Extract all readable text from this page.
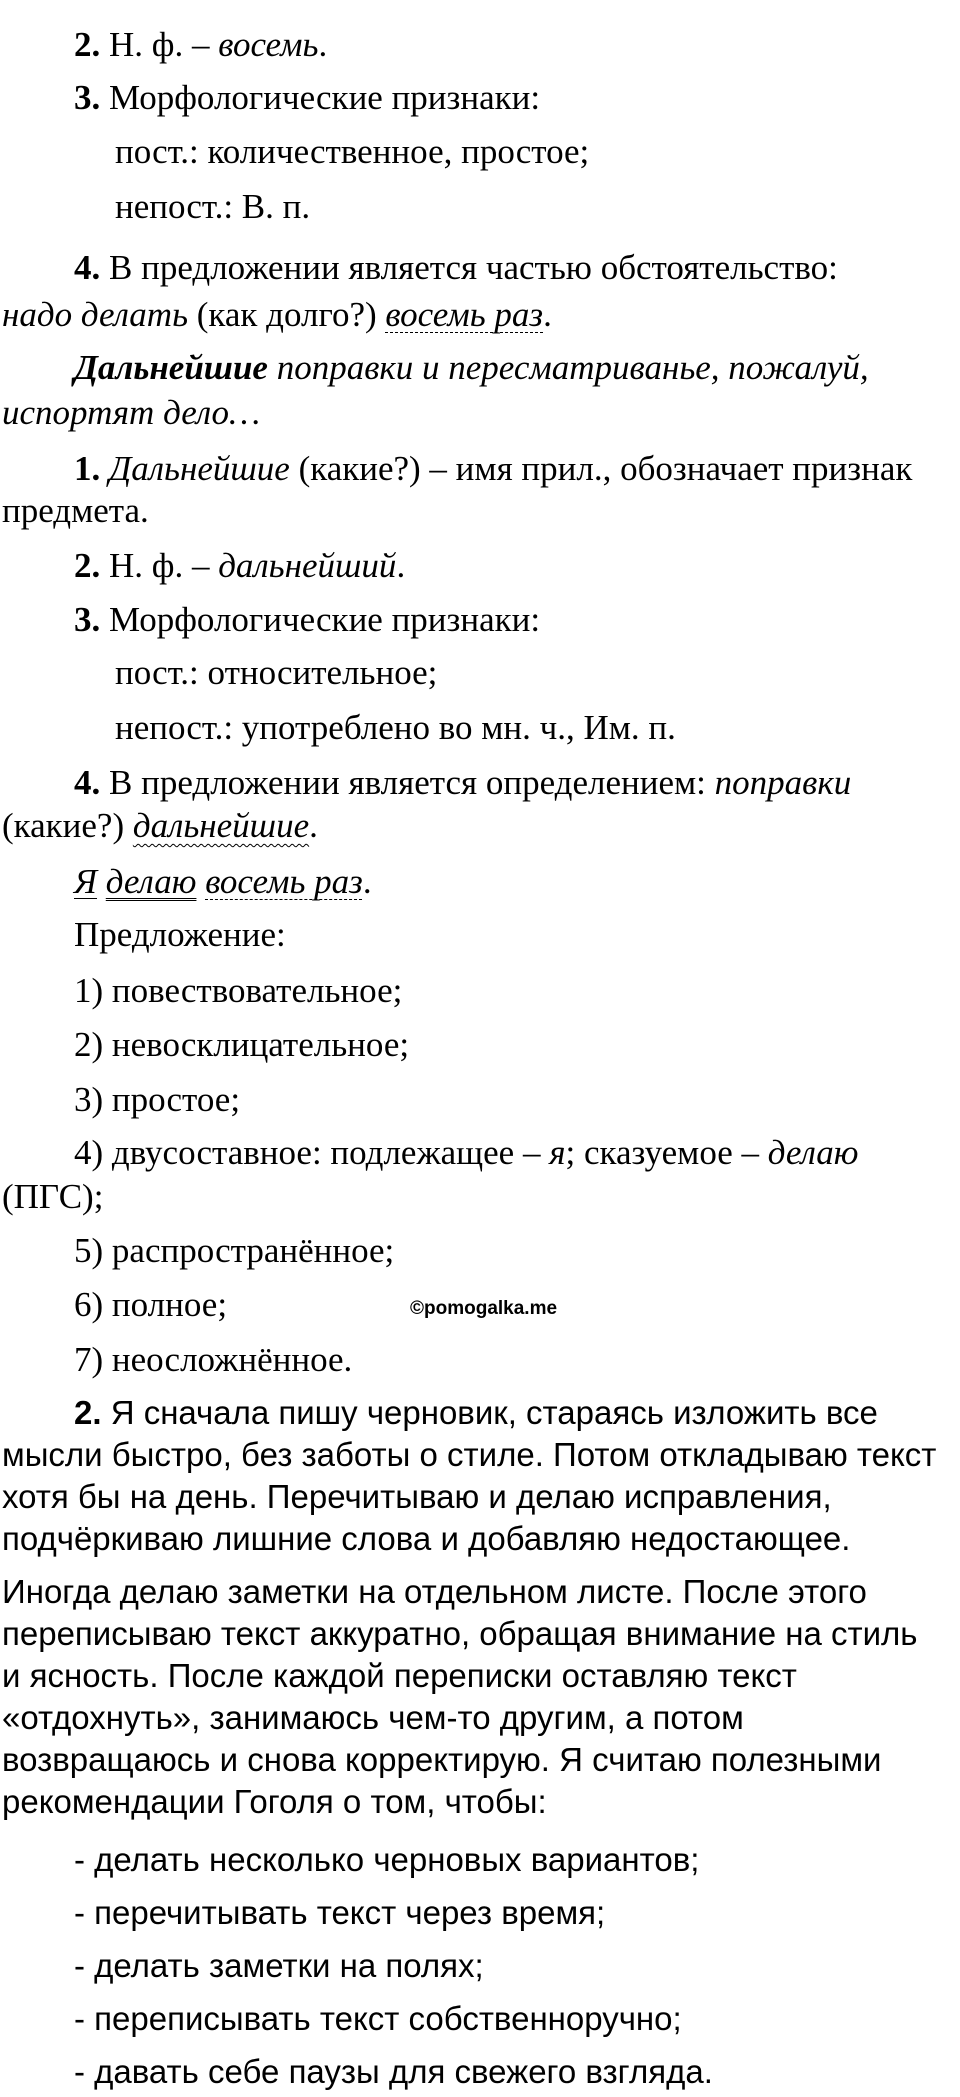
2. Н. ф. – восемь.
3. Морфологические признаки:
пост.: количественное, простое;
непост.: В. п.
4. В предложении является частью обстоятельство:
надо делать (как долго?) восемь раз.
Дальнейшие поправки и пересматриванье, пожалуй,
испортят дело…
1. Дальнейшие (какие?) – имя прил., обозначает признак
предмета.
2. Н. ф. – дальнейший.
3. Морфологические признаки:
пост.: относительное;
непост.: употреблено во мн. ч., Им. п.
4. В предложении является определением: поправки
(какие?) дальнейшие.
Я делаю восемь раз.
Предложение:
1) повествовательное;
2) невосклицательное;
3) простое;
4) двусоставное: подлежащее – я; сказуемое – делаю
(ПГС);
5) распространённое;
6) полное;	©pomogalka.me
7) неосложнённое.
2. Я сначала пишу черновик, стараясь изложить все
мысли быстро, без заботы о стиле. Потом откладываю текст
хотя бы на день. Перечитываю и делаю исправления,
подчёркиваю лишние слова и добавляю недостающее.
Иногда делаю заметки на отдельном листе. После этого
переписываю текст аккуратно, обращая внимание на стиль
и ясность. После каждой переписки оставляю текст
«отдохнуть», занимаюсь чем-то другим, а потом
возвращаюсь и снова корректирую. Я считаю полезными
рекомендации Гоголя о том, чтобы:
- делать несколько черновых вариантов;
- перечитывать текст через время;
- делать заметки на полях;
- переписывать текст собственноручно;
- давать себе паузы для свежего взгляда.
